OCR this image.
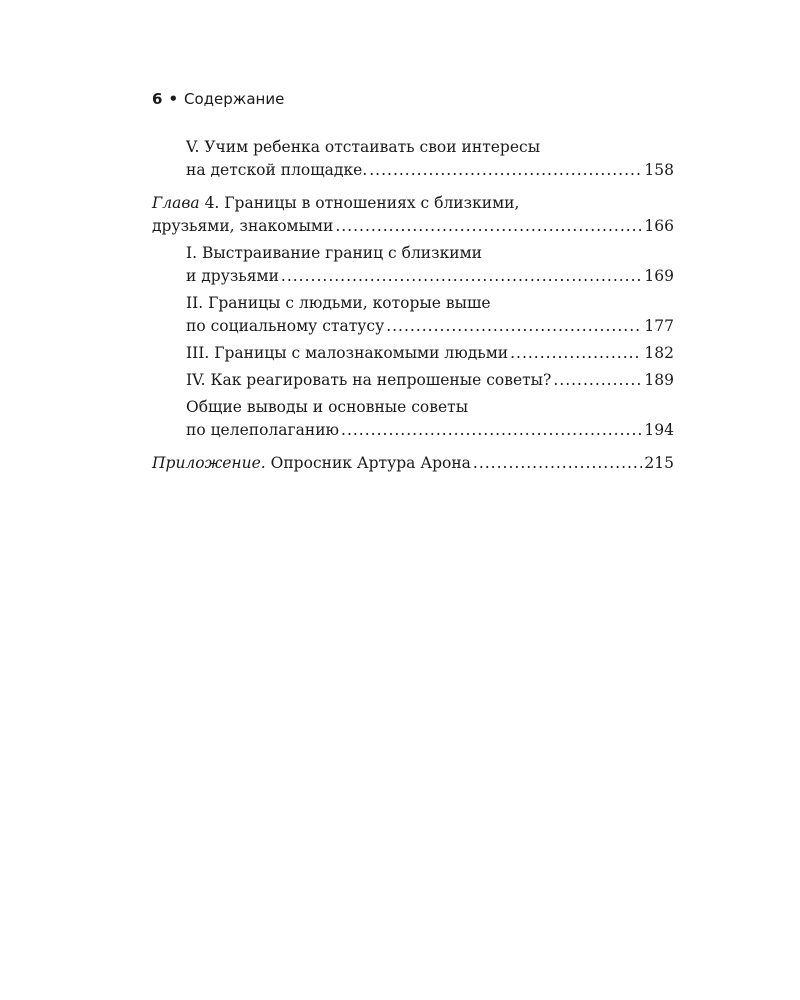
6 • Содержание
V. Учим ребенка отстаивать свои интересы
на детской площадке. .....	158
Глава 4. Границы в отношениях с близкими,
друзьями, знакомыми .....	166
I. Выстраивание границ с близкими
и друзьями .....	169
II. Границы с людьми, которые выше
по социальному статусу .....	177
III. Границы с малознакомыми людьми .....	182
IV. Как реагировать на непрошеные советы? .....	189
Общие выводы и основные советы
по целеполаганию .....	194
Приложение. Опросник Артура Арона .....	215
